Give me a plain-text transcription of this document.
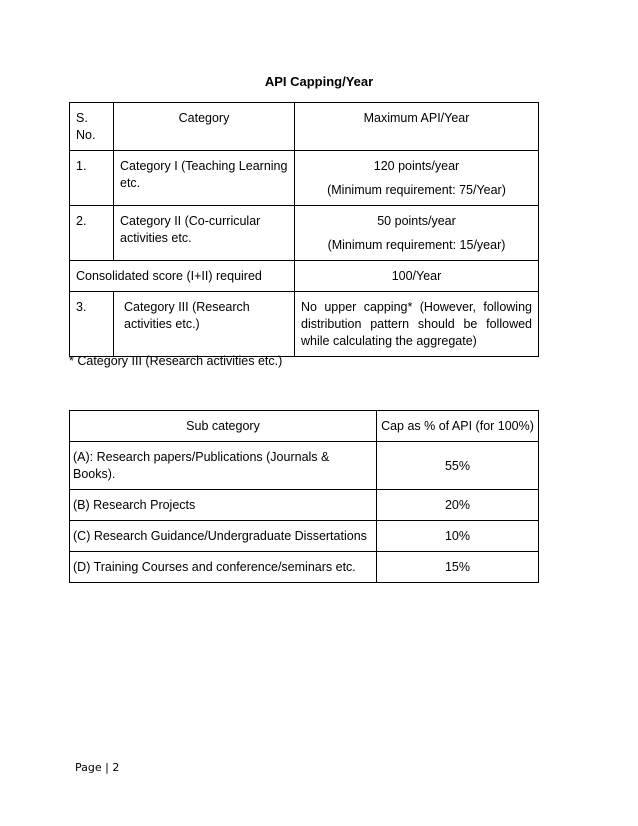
API Capping/Year
S. No.	Category	Maximum API/Year
1.	Category I (Teaching Learning etc.	120 points/year
(Minimum requirement: 75/Year)

2.	Category II (Co-curricular activities etc.	50 points/year
(Minimum requirement: 15/year)

Consolidated score (I+II) required		100/Year
3.	Category III (Research activities etc.)	No upper capping* (However, following distribution pattern should be followed while calculating the aggregate)
* Category III (Research activities etc.)
Sub category	Cap as % of API (for 100%)
(A): Research papers/Publications (Journals & Books).	55%
(B) Research Projects	20%
(C) Research Guidance/Undergraduate Dissertations	10%
(D) Training Courses and conference/seminars etc.	15%
Page | 2
